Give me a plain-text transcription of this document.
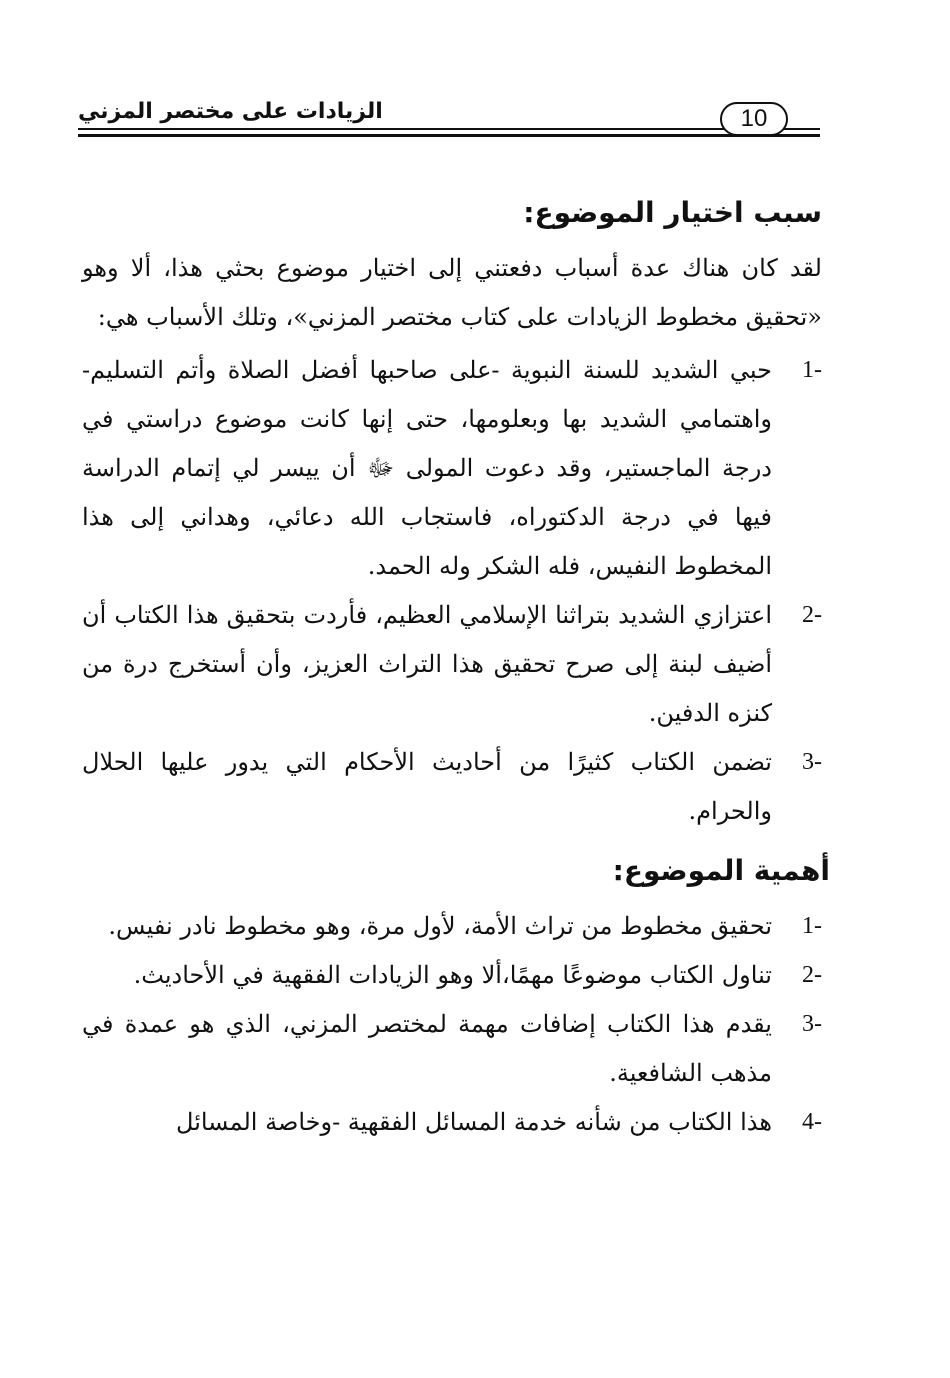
الزيادات على مختصر المزني	10
سبب اختيار الموضوع:

لقد كان هناك عدة أسباب دفعتني إلى اختيار موضوع بحثي هذا، ألا وهو «تحقيق مخطوط الزيادات على كتاب مختصر المزني»، وتلك الأسباب هي:

1-
حبي الشديد للسنة النبوية -على صاحبها أفضل الصلاة وأتم التسليم- واهتمامي الشديد بها وبعلومها، حتى إنها كانت موضوع دراستي في درجة الماجستير، وقد دعوت المولى ﷻ أن ييسر لي إتمام الدراسة فيها في درجة الدكتوراه، فاستجاب الله دعائي، وهداني إلى هذا المخطوط النفيس، فله الشكر وله الحمد.
2-
اعتزازي الشديد بتراثنا الإسلامي العظيم، فأردت بتحقيق هذا الكتاب أن أضيف لبنة إلى صرح تحقيق هذا التراث العزيز، وأن أستخرج درة من كنزه الدفين.
3-
تضمن الكتاب كثيرًا من أحاديث الأحكام التي يدور عليها الحلال والحرام.
أهمية الموضوع:
1-
تحقيق مخطوط من تراث الأمة، لأول مرة، وهو مخطوط نادر نفيس.
2-
تناول الكتاب موضوعًا مهمًا،ألا وهو الزيادات الفقهية في الأحاديث.
3-
يقدم هذا الكتاب إضافات مهمة لمختصر المزني، الذي هو عمدة في مذهب الشافعية.
4-
هذا الكتاب من شأنه خدمة المسائل الفقهية -وخاصة المسائل
